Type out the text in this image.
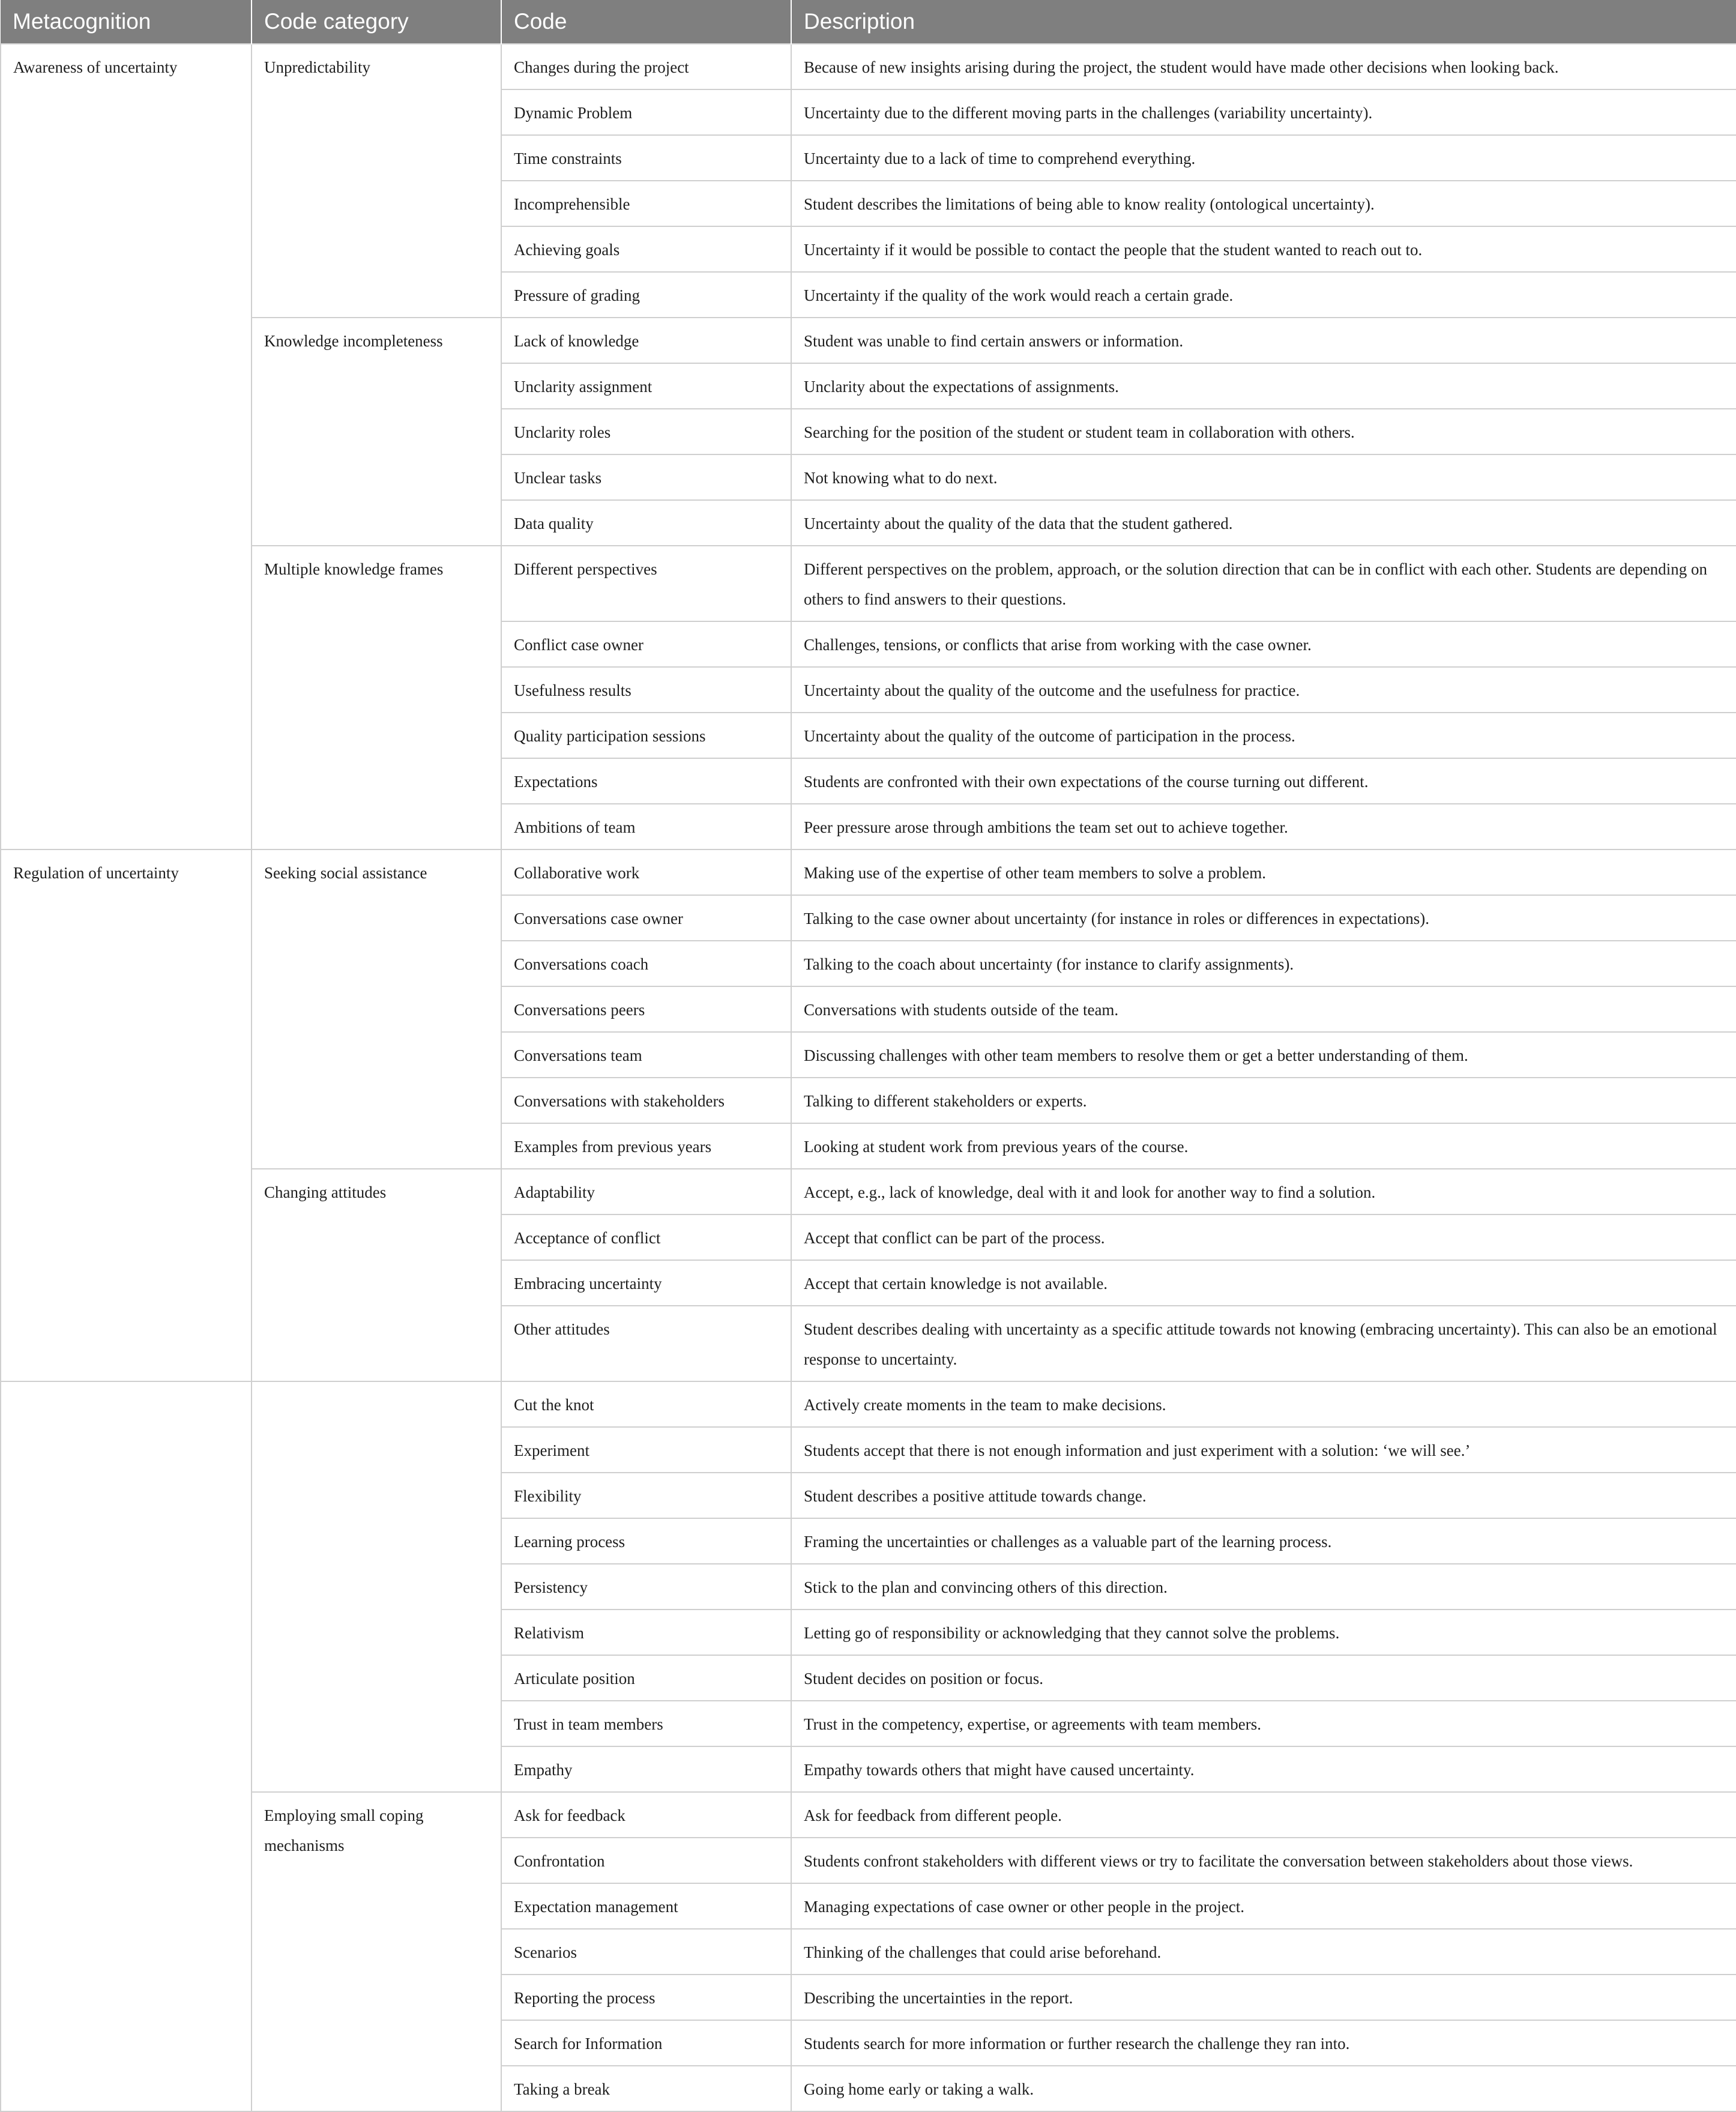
Metacognition	Code category	Code	Description
Awareness of uncertainty	Unpredictability	Changes during the project	Because of new insights arising during the project, the student would have made other decisions when looking back.
		Dynamic Problem	Uncertainty due to the different moving parts in the challenges (variability uncertainty).
		Time constraints	Uncertainty due to a lack of time to comprehend everything.
		Incomprehensible	Student describes the limitations of being able to know reality (ontological uncertainty).
		Achieving goals	Uncertainty if it would be possible to contact the people that the student wanted to reach out to.
		Pressure of grading	Uncertainty if the quality of the work would reach a certain grade.
	Knowledge incompleteness	Lack of knowledge	Student was unable to find certain answers or information.
		Unclarity assignment	Unclarity about the expectations of assignments.
		Unclarity roles	Searching for the position of the student or student team in collaboration with others.
		Unclear tasks	Not knowing what to do next.
		Data quality	Uncertainty about the quality of the data that the student gathered.
	Multiple knowledge frames	Different perspectives	Different perspectives on the problem, approach, or the solution direction that can be in conflict with each other. Students are depending on others to find answers to their questions.
		Conflict case owner	Challenges, tensions, or conflicts that arise from working with the case owner.
		Usefulness results	Uncertainty about the quality of the outcome and the usefulness for practice.
		Quality participation sessions	Uncertainty about the quality of the outcome of participation in the process.
		Expectations	Students are confronted with their own expectations of the course turning out different.
		Ambitions of team	Peer pressure arose through ambitions the team set out to achieve together.
Regulation of uncertainty	Seeking social assistance	Collaborative work	Making use of the expertise of other team members to solve a problem.
		Conversations case owner	Talking to the case owner about uncertainty (for instance in roles or differences in expectations).
		Conversations coach	Talking to the coach about uncertainty (for instance to clarify assignments).
		Conversations peers	Conversations with students outside of the team.
		Conversations team	Discussing challenges with other team members to resolve them or get a better understanding of them.
		Conversations with stakeholders	Talking to different stakeholders or experts.
		Examples from previous years	Looking at student work from previous years of the course.
	Changing attitudes	Adaptability	Accept, e.g., lack of knowledge, deal with it and look for another way to find a solution.
		Acceptance of conflict	Accept that conflict can be part of the process.
		Embracing uncertainty	Accept that certain knowledge is not available.
		Other attitudes	Student describes dealing with uncertainty as a specific attitude towards not knowing (embracing uncertainty). This can also be an emotional response to uncertainty.
		Cut the knot	Actively create moments in the team to make decisions.
		Experiment	Students accept that there is not enough information and just experiment with a solution: ‘we will see.’
		Flexibility	Student describes a positive attitude towards change.
		Learning process	Framing the uncertainties or challenges as a valuable part of the learning process.
		Persistency	Stick to the plan and convincing others of this direction.
		Relativism	Letting go of responsibility or acknowledging that they cannot solve the problems.
		Articulate position	Student decides on position or focus.
		Trust in team members	Trust in the competency, expertise, or agreements with team members.
		Empathy	Empathy towards others that might have caused uncertainty.
	Employing small coping mechanisms	Ask for feedback	Ask for feedback from different people.
		Confrontation	Students confront stakeholders with different views or try to facilitate the conversation between stakeholders about those views.
		Expectation management	Managing expectations of case owner or other people in the project.
		Scenarios	Thinking of the challenges that could arise beforehand.
		Reporting the process	Describing the uncertainties in the report.
		Search for Information	Students search for more information or further research the challenge they ran into.
		Taking a break	Going home early or taking a walk.
